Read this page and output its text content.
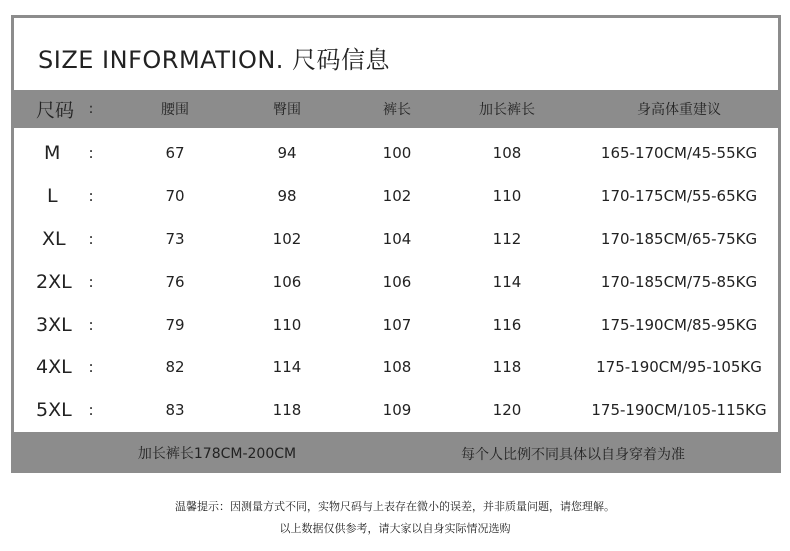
SIZE INFORMATION. 尺码信息
尺码 :	腰围	臀围	裤长	加长裤长	身高体重建议
M :	67	94	100	108	165-170CM/45-55KG
L :	70	98	102	110	170-175CM/55-65KG
XL :	73	102	104	112	170-185CM/65-75KG
2XL :	76	106	106	114	170-185CM/75-85KG
3XL :	79	110	107	116	175-190CM/85-95KG
4XL :	82	114	108	118	175-190CM/95-105KG
5XL :	83	118	109	120	175-190CM/105-115KG
加长裤长178CM-200CM	每个人比例不同具体以自身穿着为准
温馨提示：因测量方式不同，实物尺码与上表存在微小的误差，并非质量问题，请您理解。
以上数据仅供参考，请大家以自身实际情况选购
